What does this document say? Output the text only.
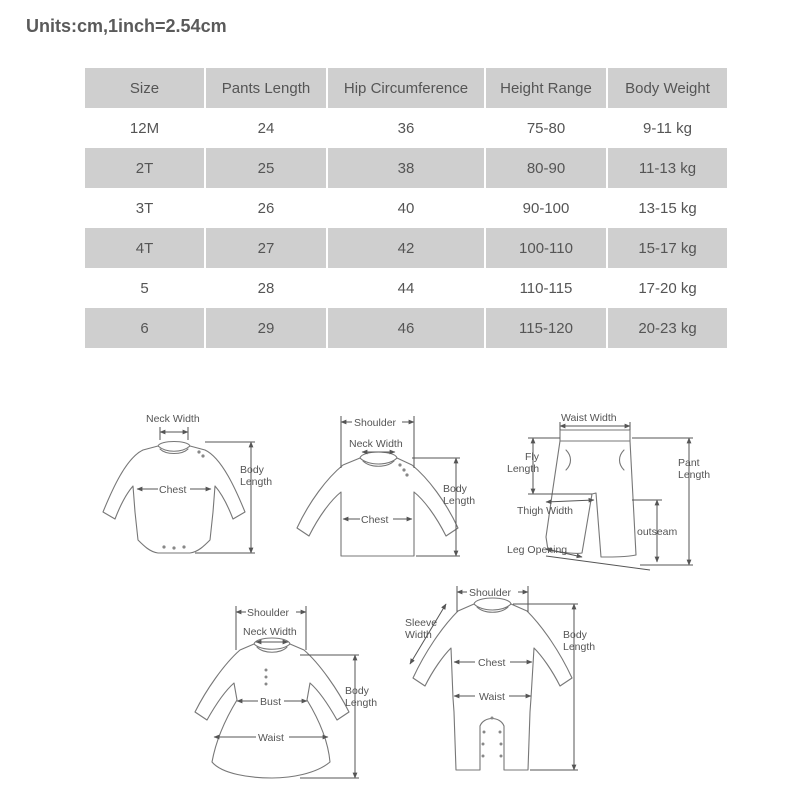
Units:cm,1inch=2.54cm
Size	Pants Length	Hip Circumference	Height Range	Body Weight
12M	24	36	75-80	9-11 kg
2T	25	38	80-90	11-13 kg
3T	26	40	90-100	13-15 kg
4T	27	42	100-110	15-17 kg
5	28	44	110-115	17-20 kg
6	29	46	115-120	20-23 kg
Neck Width
Chest
Body
Length
Shoulder
Neck Width
Chest
Body
Length
Waist Width
Fly
Length	Pant
Length
Thigh Width
outseam
Leg Opening
Shoulder
Neck Width
Bust
Waist
Body
Length
Shoulder
Sleeve
Width
Chest
Waist
Body
Length
